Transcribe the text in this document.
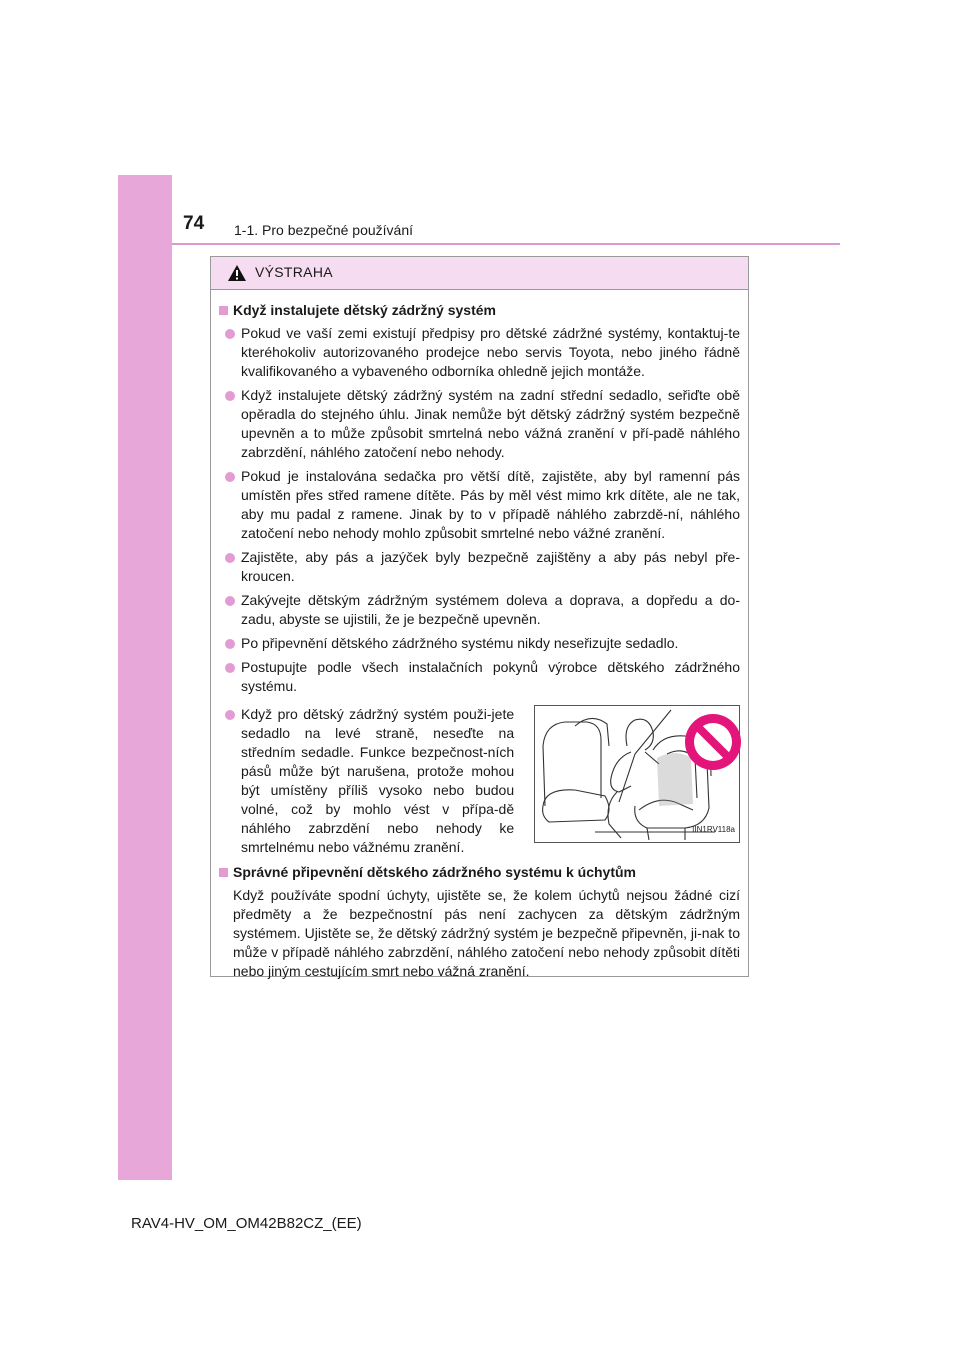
74 1-1. Pro bezpečné používání
VÝSTRAHA
Když instalujete dětský zádržný systém
Pokud ve vaší zemi existují předpisy pro dětské zádržné systémy, kontaktuj-te kteréhokoliv autorizovaného prodejce nebo servis Toyota, nebo jiného řádně kvalifikovaného a vybaveného odborníka ohledně jejich montáže.
Když instalujete dětský zádržný systém na zadní střední sedadlo, seřiďte obě opěradla do stejného úhlu. Jinak nemůže být dětský zádržný systém bezpečně upevněn a to může způsobit smrtelná nebo vážná zranění v pří-padě náhlého zabrzdění, náhlého zatočení nebo nehody.
Pokud je instalována sedačka pro větší dítě, zajistěte, aby byl ramenní pás umístěn přes střed ramene dítěte. Pás by měl vést mimo krk dítěte, ale ne tak, aby mu padal z ramene. Jinak by to v případě náhlého zabrzdě-ní, náhlého zatočení nebo nehody mohlo způsobit smrtelné nebo vážné zranění.
Zajistěte, aby pás a jazýček byly bezpečně zajištěny a aby pás nebyl pře-kroucen.
Zakývejte dětským zádržným systémem doleva a doprava, a dopředu a do-zadu, abyste se ujistili, že je bezpečně upevněn.
Po připevnění dětského zádržného systému nikdy neseřizujte sedadlo.
Postupujte podle všech instalačních pokynů výrobce dětského zádržného systému.
Když pro dětský zádržný systém použi-jete sedadlo na levé straně, neseďte na středním sedadle. Funkce bezpečnost-ních pásů může být narušena, protože mohou být umístěny příliš vysoko nebo budou volné, což by mohlo vést v přípa-dě náhlého zabrzdění nebo nehody ke smrtelnému nebo vážnému zranění.
IIN1RV118a
Správné připevnění dětského zádržného systému k úchytům
Když používáte spodní úchyty, ujistěte se, že kolem úchytů nejsou žádné cizí předměty a že bezpečnostní pás není zachycen za dětským zádržným systémem. Ujistěte se, že dětský zádržný systém je bezpečně připevněn, ji-nak to může v případě náhlého zabrzdění, náhlého zatočení nebo nehody způsobit dítěti nebo jiným cestujícím smrt nebo vážná zranění.
RAV4-HV_OM_OM42B82CZ_(EE)
